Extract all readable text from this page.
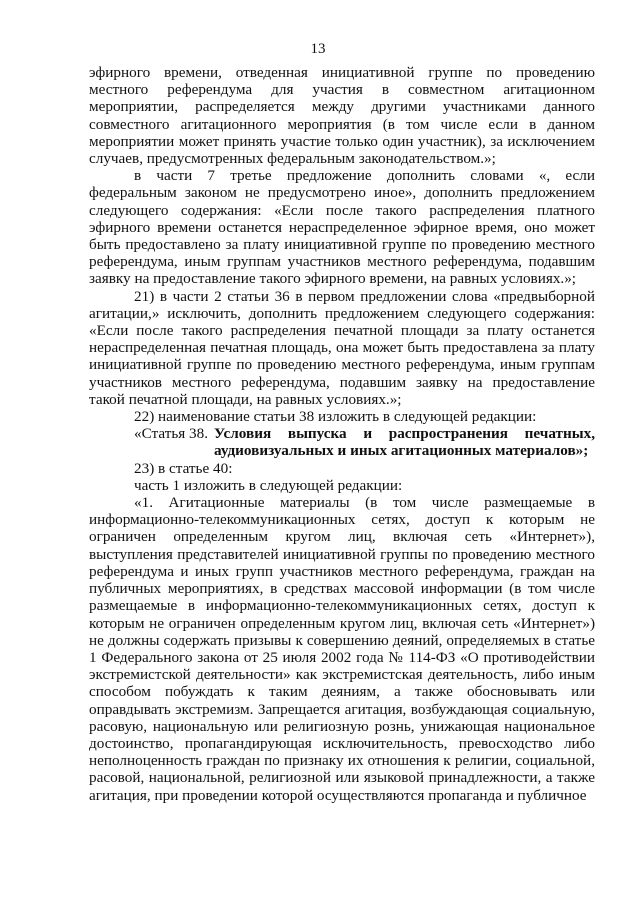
13

эфирного времени, отведенная инициативной группе по проведению местного референдума для участия в совместном агитационном мероприятии, распределяется между другими участниками данного совместного агитационного мероприятия (в том числе если в данном мероприятии может принять участие только один участник), за исключением случаев, предусмотренных федеральным законодательством.»;

в части 7 третье предложение дополнить словами «, если федеральным законом не предусмотрено иное», дополнить предложением следующего содержания: «Если после такого распределения платного эфирного времени останется нераспределенное эфирное время, оно может быть предоставлено за плату инициативной группе по проведению местного референдума, иным группам участников местного референдума, подавшим заявку на предоставление такого эфирного времени, на равных условиях.»;

21) в части 2 статьи 36 в первом предложении слова «предвыборной агитации,» исключить, дополнить предложением следующего содержания: «Если после такого распределения печатной площади за плату останется нераспределенная печатная площадь, она может быть предоставлена за плату инициативной группе по проведению местного референдума, иным группам участников местного референдума, подавшим заявку на предоставление такой печатной площади, на равных условиях.»;

22) наименование статьи 38 изложить в следующей редакции:

«Статья 38. Условия выпуска и распространения печатных, аудиовизуальных и иных агитационных материалов»;

23) в статье 40:

часть 1 изложить в следующей редакции:

«1. Агитационные материалы (в том числе размещаемые в информационно-телекоммуникационных сетях, доступ к которым не ограничен определенным кругом лиц, включая сеть «Интернет»), выступления представителей инициативной группы по проведению местного референдума и иных групп участников местного референдума, граждан на публичных мероприятиях, в средствах массовой информации (в том числе размещаемые в информационно-телекоммуникационных сетях, доступ к которым не ограничен определенным кругом лиц, включая сеть «Интернет») не должны содержать призывы к совершению деяний, определяемых в статье 1 Федерального закона от 25 июля 2002 года № 114-ФЗ «О противодействии экстремистской деятельности» как экстремистская деятельность, либо иным способом побуждать к таким деяниям, а также обосновывать или оправдывать экстремизм. Запрещается агитация, возбуждающая социальную, расовую, национальную или религиозную рознь, унижающая национальное достоинство, пропагандирующая исключительность, превосходство либо неполноценность граждан по признаку их отношения к религии, социальной, расовой, национальной, религиозной или языковой принадлежности, а также агитация, при проведении которой осуществляются пропаганда и публичное
